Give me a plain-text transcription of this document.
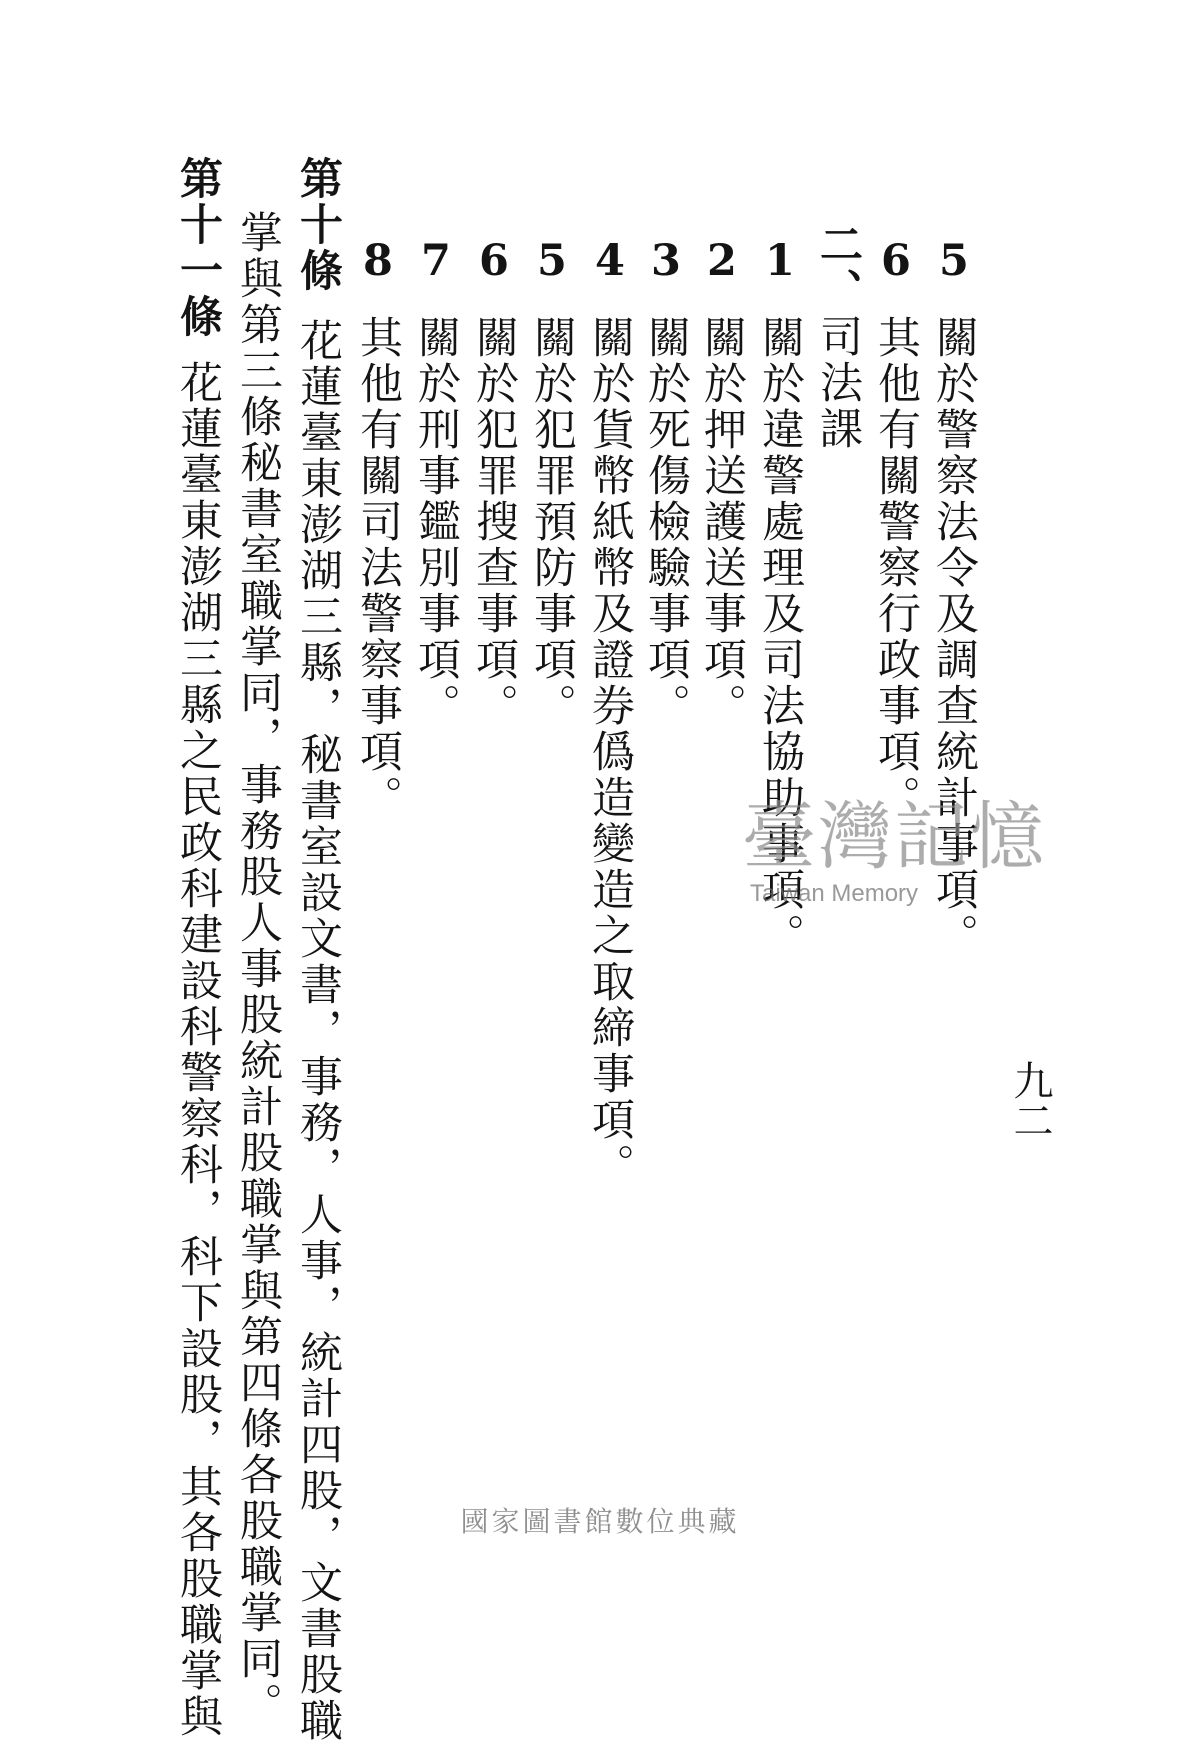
5關於警察法令及調查統計事項。
6其他有關警察行政事項。
二、司法課
1關於違警處理及司法協助事項。
2關於押送護送事項。
3關於死傷檢驗事項。
4關於貨幣紙幣及證券僞造變造之取締事項。
5關於犯罪預防事項。
6關於犯罪搜查事項。
7關於刑事鑑別事項。
8其他有關司法警察事項。
第十條花蓮臺東澎湖三縣，秘書室設文書，事務，人事，統計四股，文書股職
掌與第三條秘書室職掌同，事務股人事股統計股職掌與第四條各股職掌同。
第十一條花蓮臺東澎湖三縣之民政科建設科警察科，科下設股，其各股職掌與	臺灣記憶
Taiwan Memory
九二
國家圖書館數位典藏
